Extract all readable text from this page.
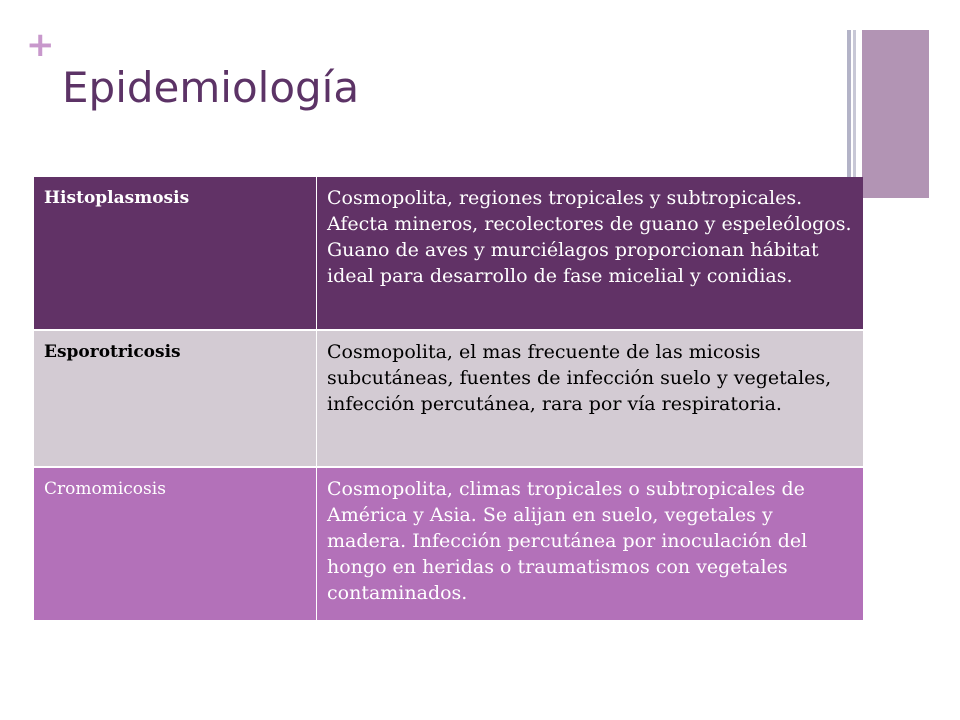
+
Epidemiología
Histoplasmosis	Cosmopolita, regiones tropicales y subtropicales. Afecta mineros, recolectores de guano y espeleólogos. Guano de aves y murciélagos proporcionan hábitat ideal para desarrollo de fase micelial y conidias.
Esporotricosis	Cosmopolita, el mas frecuente de las micosis subcutáneas, fuentes de infección suelo y vegetales, infección percutánea, rara por vía respiratoria.
Cromomicosis	Cosmopolita, climas tropicales o subtropicales de América y Asia. Se alijan en suelo, vegetales y madera. Infección percutánea por inoculación del hongo en heridas o traumatismos con vegetales contaminados.
